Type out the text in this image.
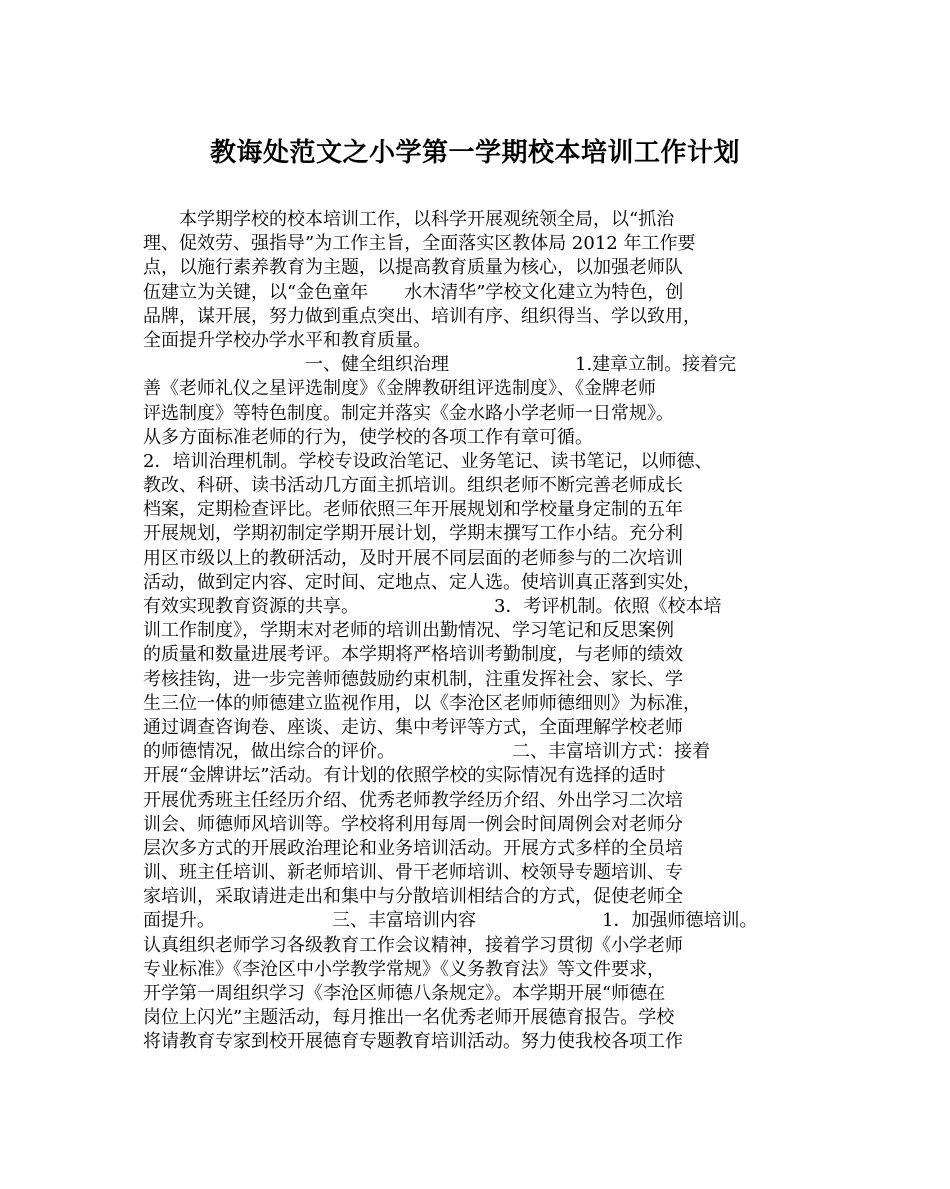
教诲处范文之小学第一学期校本培训工作计划
本学期学校的校本培训工作，以科学开展观统领全局，以“抓治
理、促效劳、强指导”为工作主旨，全面落实区教体局 2012 年工作要
点，以施行素养教育为主题，以提高教育质量为核心，以加强老师队
伍建立为关键，以“金色童年　　水木清华”学校文化建立为特色，创
品牌，谋开展，努力做到重点突出、培训有序、组织得当、学以致用，
全面提升学校办学水平和教育质量。
　　　　　　　　　一、健全组织治理　　　　　　　1.建章立制。接着完
善《老师礼仪之星评选制度》《金牌教研组评选制度》、《金牌老师
评选制度》等特色制度。制定并落实《金水路小学老师一日常规》。
从多方面标准老师的行为，使学校的各项工作有章可循。
2．培训治理机制。学校专设政治笔记、业务笔记、读书笔记，以师德、
教改、科研、读书活动几方面主抓培训。组织老师不断完善老师成长
档案，定期检查评比。老师依照三年开展规划和学校量身定制的五年
开展规划，学期初制定学期开展计划，学期末撰写工作小结。充分利
用区市级以上的教研活动，及时开展不同层面的老师参与的二次培训
活动，做到定内容、定时间、定地点、定人选。使培训真正落到实处，
有效实现教育资源的共享。　　　　　　　　3．考评机制。依照《校本培
训工作制度》，学期末对老师的培训出勤情况、学习笔记和反思案例
的质量和数量进展考评。本学期将严格培训考勤制度，与老师的绩效
考核挂钩，进一步完善师德鼓励约束机制，注重发挥社会、家长、学
生三位一体的师德建立监视作用，以《李沧区老师师德细则》为标准，
通过调查咨询卷、座谈、走访、集中考评等方式，全面理解学校老师
的师德情况，做出综合的评价。　　　　　　　二、丰富培训方式：接着
开展“金牌讲坛”活动。有计划的依照学校的实际情况有选择的适时
开展优秀班主任经历介绍、优秀老师教学经历介绍、外出学习二次培
训会、师德师风培训等。学校将利用每周一例会时间周例会对老师分
层次多方式的开展政治理论和业务培训活动。开展方式多样的全员培
训、班主任培训、新老师培训、骨干老师培训、校领导专题培训、专
家培训，采取请进走出和集中与分散培训相结合的方式，促使老师全
面提升。　　　　　　　三、丰富培训内容　　　　　　　1．加强师德培训。
认真组织老师学习各级教育工作会议精神，接着学习贯彻《小学老师
专业标准》《李沧区中小学教学常规》《义务教育法》等文件要求，
开学第一周组织学习《李沧区师德八条规定》。本学期开展“师德在
岗位上闪光”主题活动，每月推出一名优秀老师开展德育报告。学校
将请教育专家到校开展德育专题教育培训活动。努力使我校各项工作
